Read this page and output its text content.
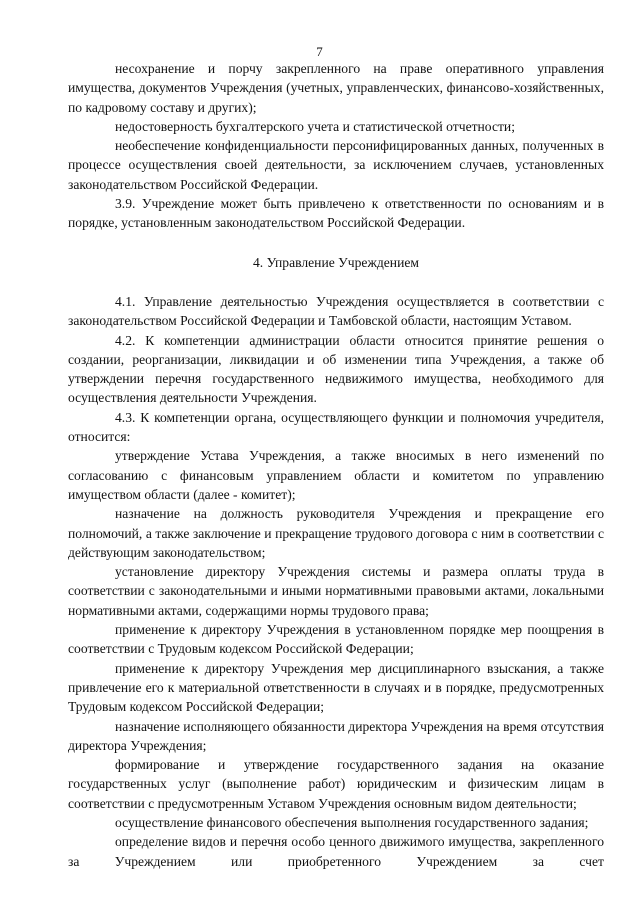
7

несохранение и порчу закрепленного на праве оперативного управления имущества, документов Учреждения (учетных, управленческих, финансово-хозяйственных, по кадровому составу и других);

недостоверность бухгалтерского учета и статистической отчетности;

необеспечение конфиденциальности персонифицированных данных, полученных в процессе осуществления своей деятельности, за исключением случаев, установленных законодательством Российской Федерации.

3.9. Учреждение может быть привлечено к ответственности по основаниям и в порядке, установленным законодательством Российской Федерации.

4. Управление Учреждением

4.1. Управление деятельностью Учреждения осуществляется в соответствии с законодательством Российской Федерации и Тамбовской области, настоящим Уставом.

4.2. К компетенции администрации области относится принятие решения о создании, реорганизации, ликвидации и об изменении типа Учреждения, а также об утверждении перечня государственного недвижимого имущества, необходимого для осуществления деятельности Учреждения.

4.3. К компетенции органа, осуществляющего функции и полномочия учредителя, относится:

утверждение Устава Учреждения, а также вносимых в него изменений по согласованию с финансовым управлением области и комитетом по управлению имуществом области (далее - комитет);

назначение на должность руководителя Учреждения и прекращение его полномочий, а также заключение и прекращение трудового договора с ним в соответствии с действующим законодательством;

установление директору Учреждения системы и размера оплаты труда в соответствии с законодательными и иными нормативными правовыми актами, локальными нормативными актами, содержащими нормы трудового права;

применение к директору Учреждения в установленном порядке мер поощрения в соответствии с Трудовым кодексом Российской Федерации;

применение к директору Учреждения мер дисциплинарного взыскания, а также привлечение его к материальной ответственности в случаях и в порядке, предусмотренных Трудовым кодексом Российской Федерации;

назначение исполняющего обязанности директора Учреждения на время отсутствия директора Учреждения;

формирование и утверждение государственного задания на оказание государственных услуг (выполнение работ) юридическим и физическим лицам в соответствии с предусмотренным Уставом Учреждения основным видом деятельности;

осуществление финансового обеспечения выполнения государственного задания;

определение видов и перечня особо ценного движимого имущества, закрепленного за Учреждением или приобретенного Учреждением за счет
